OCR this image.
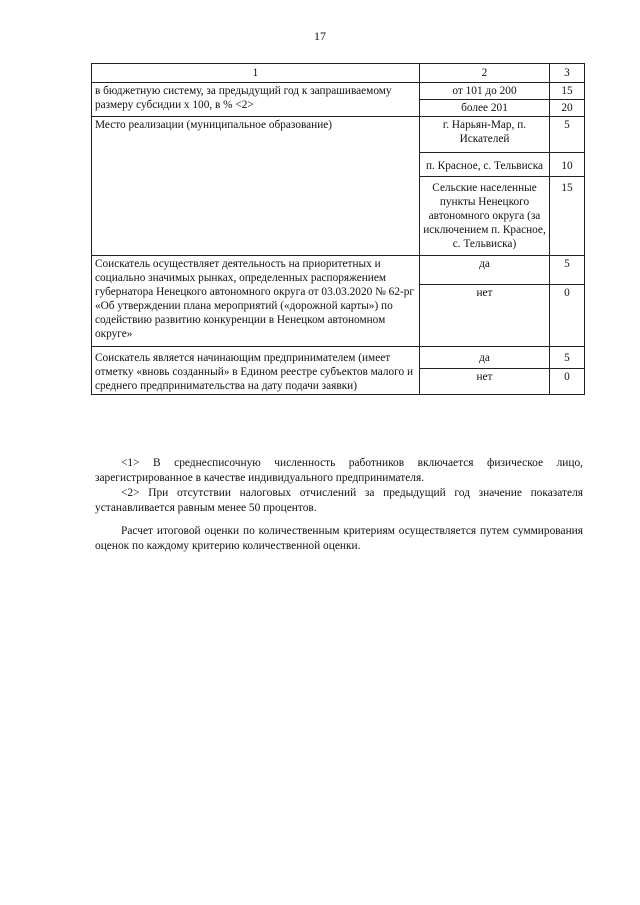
17
1	2	3
в бюджетную систему, за предыдущий год к запрашиваемому размеру субсидии x 100, в % <2>	от 101 до 200	15
	более 201	20
Место реализации (муниципальное образование)	г. Нарьян-Мар, п. Искателей	5
	п. Красное, с. Тельвиска	10
	Сельские населенные пункты Ненецкого автономного округа (за исключением п. Красное, с. Тельвиска)	15
Соискатель осуществляет деятельность на приоритетных и социально значимых рынках, определенных распоряжением губернатора Ненецкого автономного округа от 03.03.2020 № 62-рг «Об утверждении плана мероприятий («дорожной карты») по содействию развитию конкуренции в Ненецком автономном округе»	да	5
	нет	0
Соискатель является начинающим предпринимателем (имеет отметку «вновь созданный» в Едином реестре субъектов малого и среднего предпринимательства на дату подачи заявки)	да	5
	нет	0

<1> В среднесписочную численность работников включается физическое лицо, зарегистрированное в качестве индивидуального предпринимателя.

<2> При отсутствии налоговых отчислений за предыдущий год значение показателя устанавливается равным менее 50 процентов.

Расчет итоговой оценки по количественным критериям осуществляется путем суммирования оценок по каждому критерию количественной оценки.
